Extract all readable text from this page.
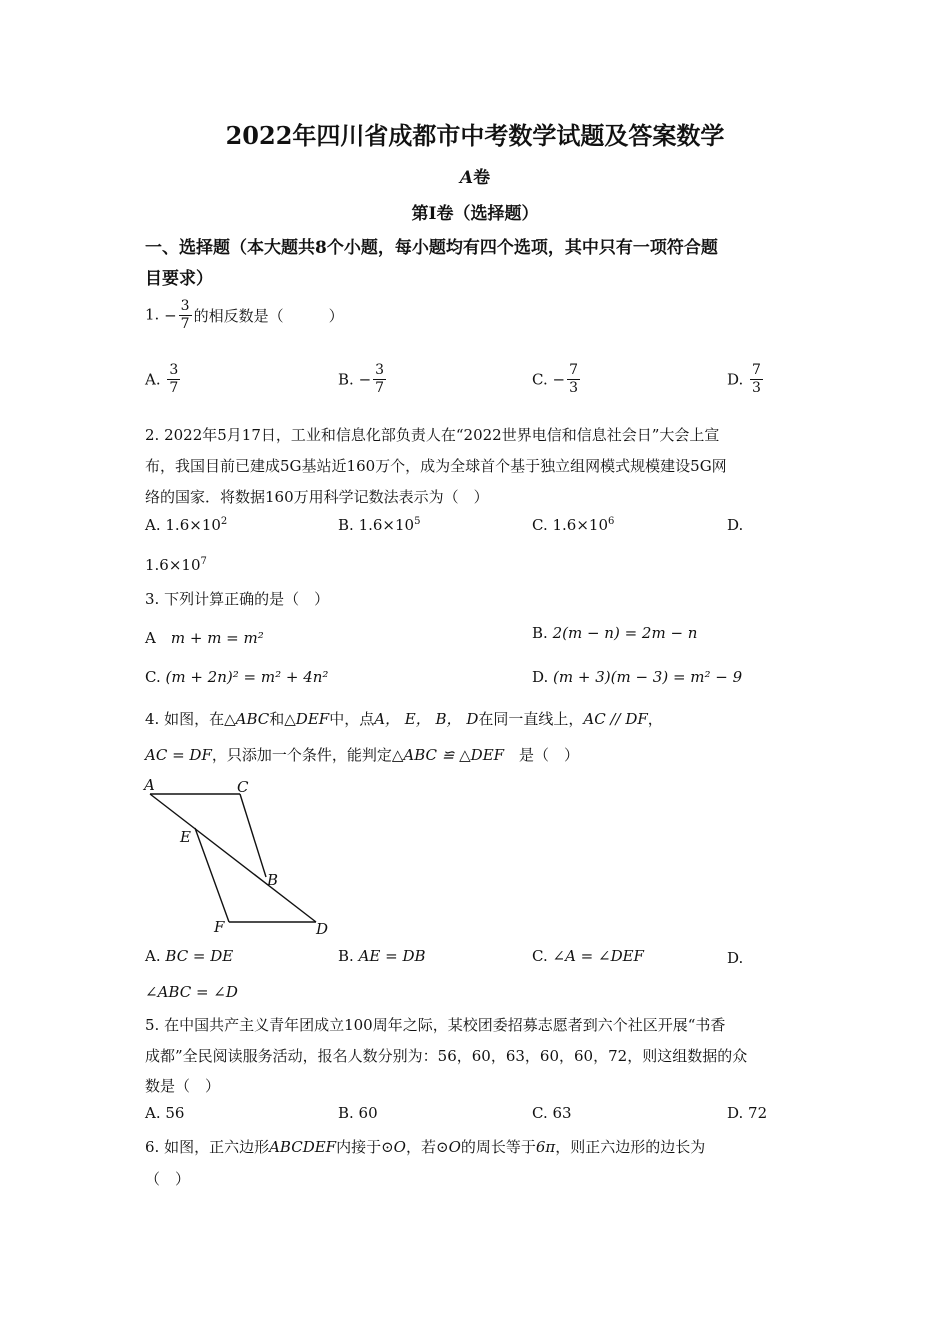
2022年四川省成都市中考数学试题及答案数学
A卷
第Ⅰ卷（选择题）
一、选择题（本大题共8个小题，每小题均有四个选项，其中只有一项符合题
目要求）
1. − $\frac{3}{7}$ 的相反数是（　　　）
A. $\frac{3}{7}$	B. − $\frac{3}{7}$	C. − $\frac{7}{3}$	D. $\frac{7}{3}$
2. 2022年5月17日，工业和信息化部负责人在“2022世界电信和信息社会日”大会上宣
布，我国目前已建成5G基站近160万个，成为全球首个基于独立组网模式规模建设5G网
络的国家．将数据160万用科学记数法表示为（　）
A. $1.6\times 10^2$	B. $1.6\times 10^5$	C. $1.6\times 10^6$	D.
$1.6\times 10^7$
3. 下列计算正确的是（　）
A　 m + m = m²	B. 2(m − n) = 2m − n
C. (m + 2n)² = m² + 4n²	D. (m + 3)(m − 3) = m² − 9
4. 如图，在△ABC和△DEF中，点A， E， B， D在同一直线上，AC // DF，
AC = DF，只添加一个条件，能判定△ABC ≌ △DEF　是（　）
A	C
E
B
F	D
A. BC = DE	B. AE = DB	C. ∠A = ∠DEF	D.
∠ABC = ∠D
5. 在中国共产主义青年团成立100周年之际，某校团委招募志愿者到六个社区开展“书香
成都”全民阅读服务活动，报名人数分别为：56，60，63，60，60，72，则这组数据的众
数是（　）
A. 56	B. 60	C. 63	D. 72
6. 如图，正六边形ABCDEF内接于⊙O，若⊙O的周长等于6π，则正六边形的边长为
（　）
